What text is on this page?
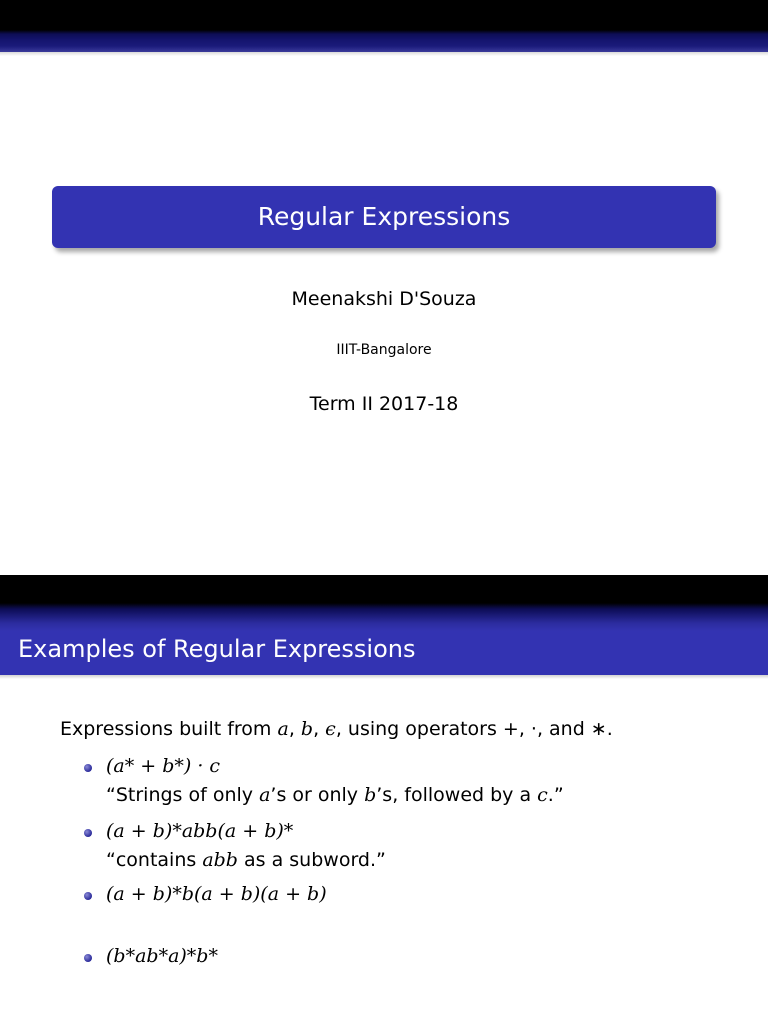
Regular Expressions
Meenakshi D'Souza
IIIT-Bangalore
Term II 2017-18
Examples of Regular Expressions
Expressions built from a, b, ϵ, using operators +, ·, and ∗.
(a* + b*) · c
“Strings of only a’s or only b’s, followed by a c.”
(a + b)*abb(a + b)*
“contains abb as a subword.”
(a + b)*b(a + b)(a + b)
(b*ab*a)*b*
